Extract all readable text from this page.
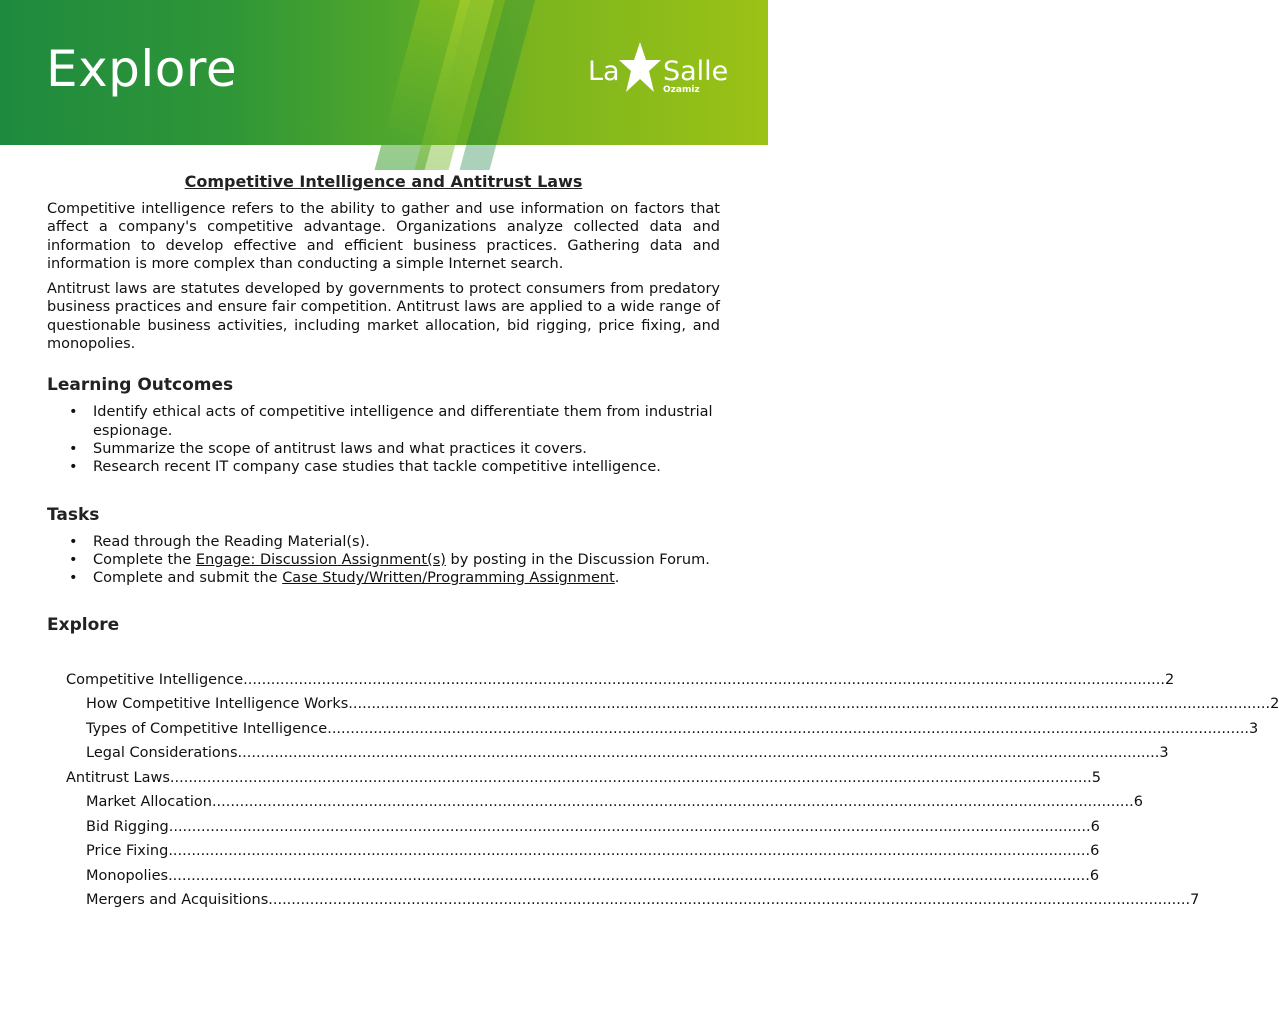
Explore	La Salle
Ozamiz
Competitive Intelligence and Antitrust Laws

Competitive intelligence refers to the ability to gather and use information on factors that affect a company's competitive advantage. Organizations analyze collected data and information to develop effective and efficient business practices. Gathering data and information is more complex than conducting a simple Internet search.

Antitrust laws are statutes developed by governments to protect consumers from predatory business practices and ensure fair competition. Antitrust laws are applied to a wide range of questionable business activities, including market allocation, bid rigging, price fixing, and monopolies.

Learning Outcomes
• Identify ethical acts of competitive intelligence and differentiate them from industrial espionage.
• Summarize the scope of antitrust laws and what practices it covers.
• Research recent IT company case studies that tackle competitive intelligence.
Tasks
• Read through the Reading Material(s).
• Complete the Engage: Discussion Assignment(s) by posting in the Discussion Forum.
• Complete and submit the Case Study/Written/Programming Assignment.
Explore
Competitive Intelligence ........................................................................................................................................................................................................ 2
How Competitive Intelligence Works ........................................................................................................................................................................................................ 2
Types of Competitive Intelligence ........................................................................................................................................................................................................ 3
Legal Considerations ........................................................................................................................................................................................................ 3
Antitrust Laws ........................................................................................................................................................................................................ 5
Market Allocation ........................................................................................................................................................................................................ 6
Bid Rigging ........................................................................................................................................................................................................ 6
Price Fixing ........................................................................................................................................................................................................ 6
Monopolies ........................................................................................................................................................................................................ 6
Mergers and Acquisitions ........................................................................................................................................................................................................ 7
